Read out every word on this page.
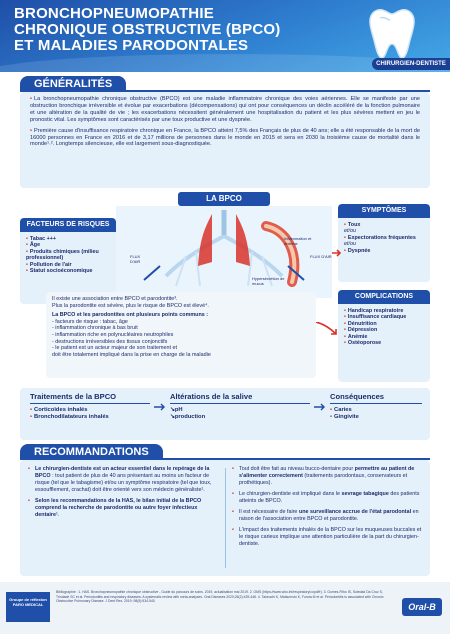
BRONCHOPNEUMOPATHIE
CHRONIQUE OBSTRUCTIVE (BPCO)
ET MALADIES PARODONTALES
CHIRURGIEN-DENTISTE
GÉNÉRALITÉS

• La bronchopneumopathie chronique obstructive (BPCO) est une maladie inflammatoire chronique des voies aériennes. Elle se manifeste par une obstruction bronchique irréversible et évolue par exacerbations (décompensations) qui ont pour conséquences un déclin accéléré de la fonction pulmonaire et une altération de la qualité de vie ; les exacerbations nécessitent généralement une hospitalisation du patient et les plus sévères mettent en jeu le pronostic vital. Les symptômes sont caractérisés par une toux productive et une dyspnée.

• Première cause d'insuffisance respiratoire chronique en France, la BPCO atteint 7,5% des Français de plus de 40 ans; elle a été responsable de la mort de 16000 personnes en France en 2016 et de 3,17 millions de personnes dans le monde en 2015 et sera en 2030 la troisième cause de mortalité dans le monde¹˒². Longtemps silencieuse, elle est largement sous-diagnostiquée.

LA BPCO
FLUX D'AIR
FLUX D'AIR
Inflammation et œdème
Hypersécrétion de mucus
FACTEURS DE RISQUES
• Tabac +++
• Âge
• Produits chimiques (milieu professionnel)
• Pollution de l'air
• Statut socioéconomique
SYMPTÔMES
• Toux
et/ou
• Expectorations fréquentes
et/ou
• Dyspnée
COMPLICATIONS
• Handicap respiratoire
• Insuffisance cardiaque
• Dénutrition
• Dépression
• Anémie
• Ostéoporose

Il existe une association entre BPCO et parodontite³.

Plus la parodontite est sévère, plus le risque de BPCO est élevé⁴.

La BPCO et les parodontites ont plusieurs points communs :

- facteurs de risque : tabac, âge

- inflammation chronique à bas bruit

- inflammation riche en polynucléaires neutrophiles

- destructions irréversibles des tissus conjonctifs

- le patient est un acteur majeur de son traitement et

doit être totalement impliqué dans la prise en charge de la maladie

Traitements de la BPCO
• Corticoïdes inhalés
• Bronchodilatateurs inhalés
Altérations de la salive
↘pH
↘production
Conséquences
• Caries
• Gingivite
RECOMMANDATIONS

• Le chirurgien-dentiste est un acteur essentiel dans le repérage de la BPCO : tout patient de plus de 40 ans présentant au moins un facteur de risque (tel que le tabagisme) et/ou un symptôme respiratoire (tel que toux, essoufflement, crachat) doit être orienté vers son médecin généraliste¹.

• Selon les recommandations de la HAS, le bilan initial de la BPCO comprend la recherche de parodontite ou autre foyer infectieux dentaire¹.

• Tout doit être fait au niveau bucco-dentaire pour permettre au patient de s'alimenter correctement (traitements parodontaux, conservateurs et prothétiques).

• Le chirurgien-dentiste est impliqué dans le sevrage tabagique des patients atteints de BPCO.

• Il est nécessaire de faire une surveillance accrue de l'état parodontal en raison de l'association entre BPCO et parodontite.

• L'impact des traitements inhalés de la BPCO sur les muqueuses buccales et le risque carieux implique une attention particulière de la part du chirurgien-dentiste.

Groupe de réflexion PARO MEDICAL
Bibliographie : 1. HAS. Bronchopneumopathie chronique obstructive - Guide du parcours de soins. 2019, actualisation mai 2019. 2. OMS (https://www.who.int/respiratory/copd/fr). 3. Gomes-Filho IS, Soledad Da Cruz S, Trindade SC et al. Periodontitis and respiratory diseases: A systematic review with meta-analyses. Oral Diseases 2020;26(2):439-446. 4. Takeuchi K, Matsumoto K, Furuta M et al. Periodontitis is associated with Chronic Obstructive Pulmonary Disease. J Dent Res. 2019; 98(5):534-540
Oral-B
